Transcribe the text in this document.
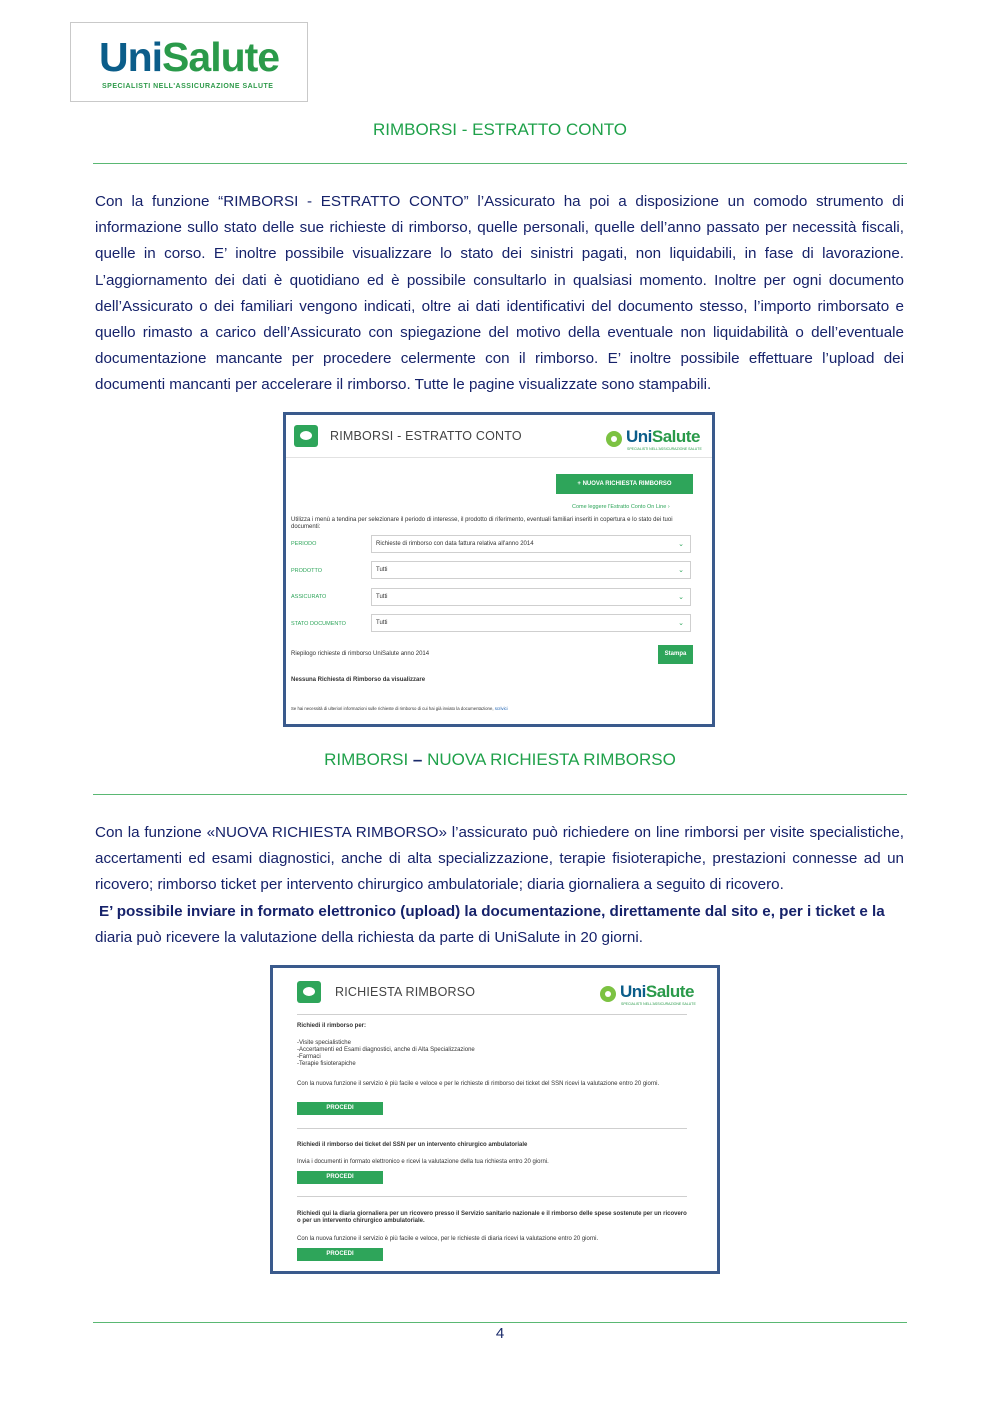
UniSalute
SPECIALISTI NELL'ASSICURAZIONE SALUTE
RIMBORSI - ESTRATTO CONTO
Con la funzione “RIMBORSI - ESTRATTO CONTO” l’Assicurato ha poi a disposizione un comodo strumento di informazione sullo stato delle sue richieste di rimborso, quelle personali, quelle dell’anno passato per necessità fiscali, quelle in corso. E’ inoltre possibile visualizzare lo stato dei sinistri pagati, non liquidabili, in fase di lavorazione. L’aggiornamento dei dati è quotidiano ed è possibile consultarlo in qualsiasi momento. Inoltre per ogni documento dell’Assicurato o dei familiari vengono indicati, oltre ai dati identificativi del documento stesso, l’importo rimborsato e quello rimasto a carico dell’Assicurato con spiegazione del motivo della eventuale non liquidabilità o dell’eventuale documentazione mancante per procedere celermente con il rimborso. E’ inoltre possibile effettuare l’upload dei documenti mancanti per accelerare il rimborso. Tutte le pagine visualizzate sono stampabili.
RIMBORSI - ESTRATTO CONTO	UniSalute
SPECIALISTI NELL'ASSICURAZIONE SALUTE
+ NUOVA RICHIESTA RIMBORSO
Come leggere l'Estratto Conto On Line ›
Utilizza i menù a tendina per selezionare il periodo di interesse, il prodotto di riferimento, eventuali familiari inseriti in copertura e lo stato dei tuoi documenti:
PERIODO	Richieste di rimborso con data fattura relativa all'anno 2014	⌄
PRODOTTO	Tutti	⌄
ASSICURATO	Tutti	⌄
STATO DOCUMENTO	Tutti	⌄
Riepilogo richieste di rimborso UniSalute anno 2014	Stampa
Nessuna Richiesta di Rimborso da visualizzare
Se hai necessità di ulteriori informazioni sulle richieste di rimborso di cui hai già inviato la documentazione, scrivici
RIMBORSI – NUOVA RICHIESTA RIMBORSO
Con la funzione «NUOVA RICHIESTA RIMBORSO» l’assicurato può richiedere on line rimborsi per visite specialistiche, accertamenti ed esami diagnostici, anche di alta specializzazione, terapie fisioterapiche, prestazioni connesse ad un ricovero; rimborso ticket per intervento chirurgico ambulatoriale; diaria giornaliera a seguito di ricovero.

E’ possibile inviare in formato elettronico (upload) la documentazione, direttamente dal sito e, per i ticket e la
diaria può ricevere la valutazione della richiesta da parte di UniSalute in 20 giorni.
RICHIESTA RIMBORSO	UniSalute
SPECIALISTI NELL'ASSICURAZIONE SALUTE
Richiedi il rimborso per:
-Visite specialistiche
-Accertamenti ed Esami diagnostici, anche di Alta Specializzazione
-Farmaci
-Terapie fisioterapiche
Con la nuova funzione il servizio è più facile e veloce e per le richieste di rimborso dei ticket del SSN ricevi la valutazione entro 20 giorni.
PROCEDI
Richiedi il rimborso dei ticket del SSN per un intervento chirurgico ambulatoriale
Invia i documenti in formato elettronico e ricevi la valutazione della tua richiesta entro 20 giorni.
PROCEDI
Richiedi qui la diaria giornaliera per un ricovero presso il Servizio sanitario nazionale e il rimborso delle spese sostenute per un ricovero o per un intervento chirurgico ambulatoriale.
Con la nuova funzione il servizio è più facile e veloce, per le richieste di diaria ricevi la valutazione entro 20 giorni.
PROCEDI
4
